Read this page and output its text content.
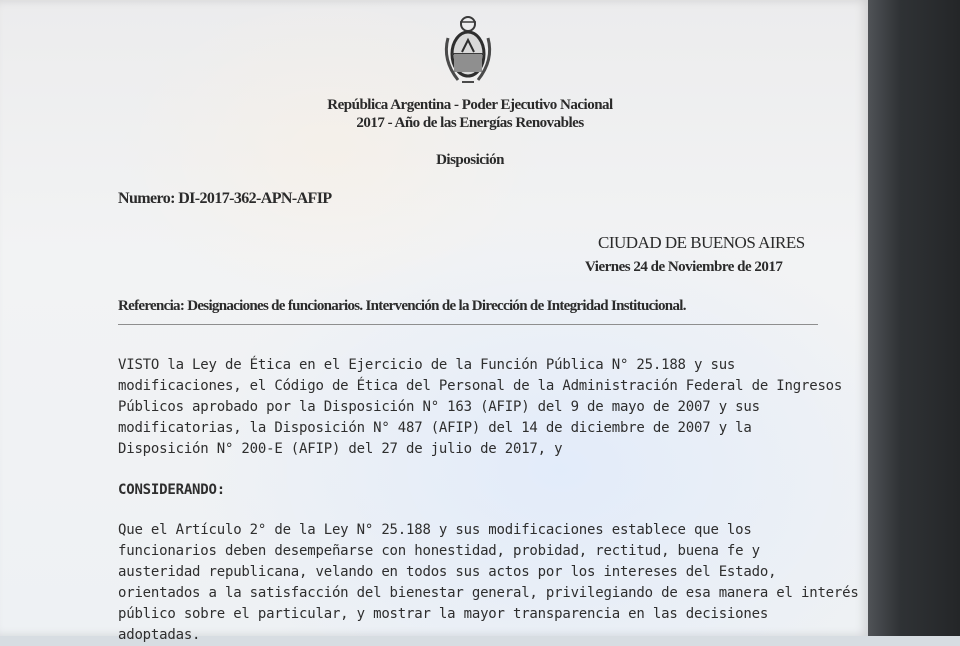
República Argentina - Poder Ejecutivo Nacional
2017 - Año de las Energías Renovables
Disposición
Numero: DI-2017-362-APN-AFIP
CIUDAD DE BUENOS AIRES
Viernes 24 de Noviembre de 2017
Referencia: Designaciones de funcionarios. Intervención de la Dirección de Integridad Institucional.

VISTO la Ley de Ética en el Ejercicio de la Función Pública N° 25.188 y sus

modificaciones, el Código de Ética del Personal de la Administración Federal de Ingresos

Públicos aprobado por la Disposición N° 163 (AFIP) del 9 de mayo de 2007 y sus

modificatorias, la Disposición N° 487 (AFIP) del 14 de diciembre de 2007 y la

Disposición N° 200-E (AFIP) del 27 de julio de 2017, y

CONSIDERANDO:

Que el Artículo 2° de la Ley N° 25.188 y sus modificaciones establece que los

funcionarios deben desempeñarse con honestidad, probidad, rectitud, buena fe y

austeridad republicana, velando en todos sus actos por los intereses del Estado,

orientados a la satisfacción del bienestar general, privilegiando de esa manera el interés

público sobre el particular, y mostrar la mayor transparencia en las decisiones

adoptadas.
